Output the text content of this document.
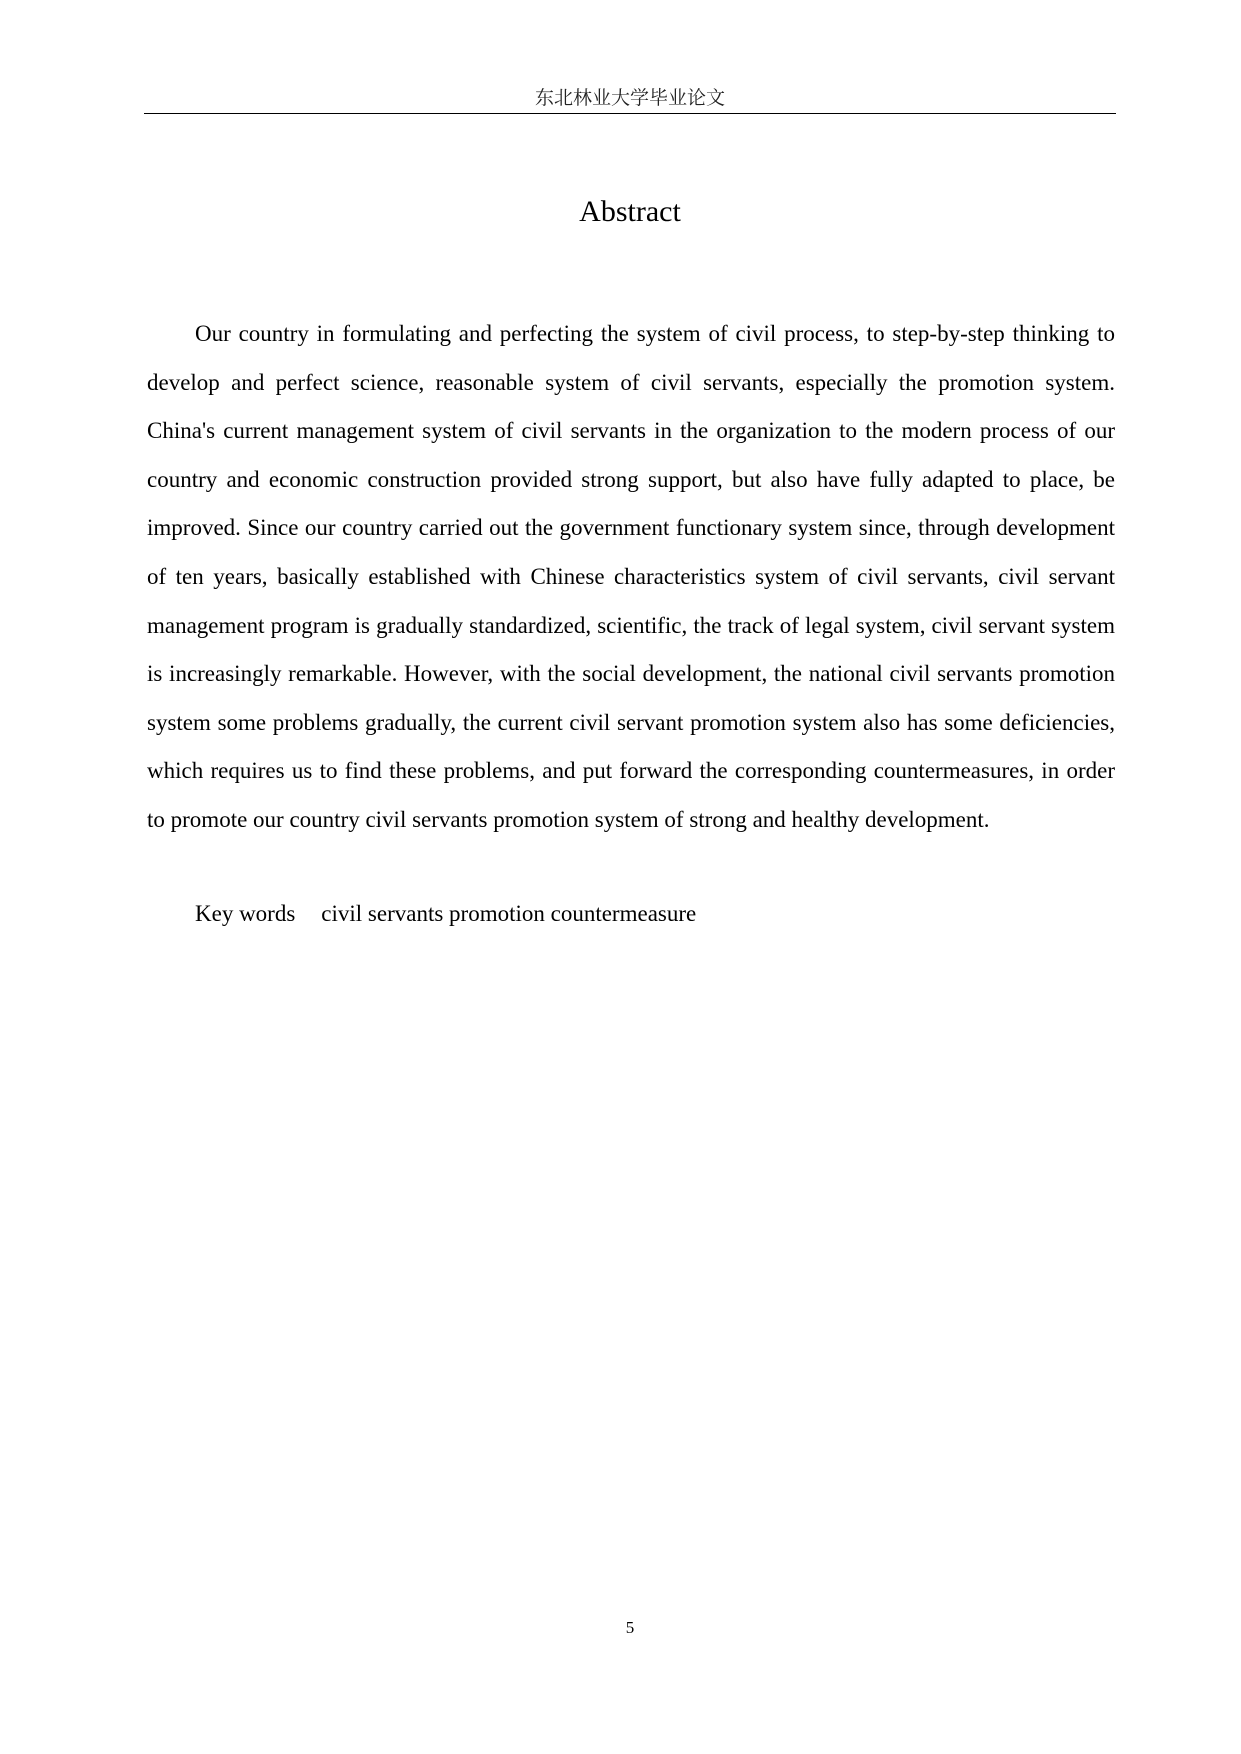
东北林业大学毕业论文
Abstract

Our country in formulating and perfecting the system of civil process, to step-by-step thinking to develop and perfect science, reasonable system of civil servants, especially the promotion system. China's current management system of civil servants in the organization to the modern process of our country and economic construction provided strong support, but also have fully adapted to place, be improved. Since our country carried out the government functionary system since, through development of ten years, basically established with Chinese characteristics system of civil servants, civil servant management program is gradually standardized, scientific, the track of legal system, civil servant system is increasingly remarkable. However, with the social development, the national civil servants promotion system some problems gradually, the current civil servant promotion system also has some deficiencies, which requires us to find these problems, and put forward the corresponding countermeasures, in order to promote our country civil servants promotion system of strong and healthy development.

Key words civil servants promotion countermeasure

5
